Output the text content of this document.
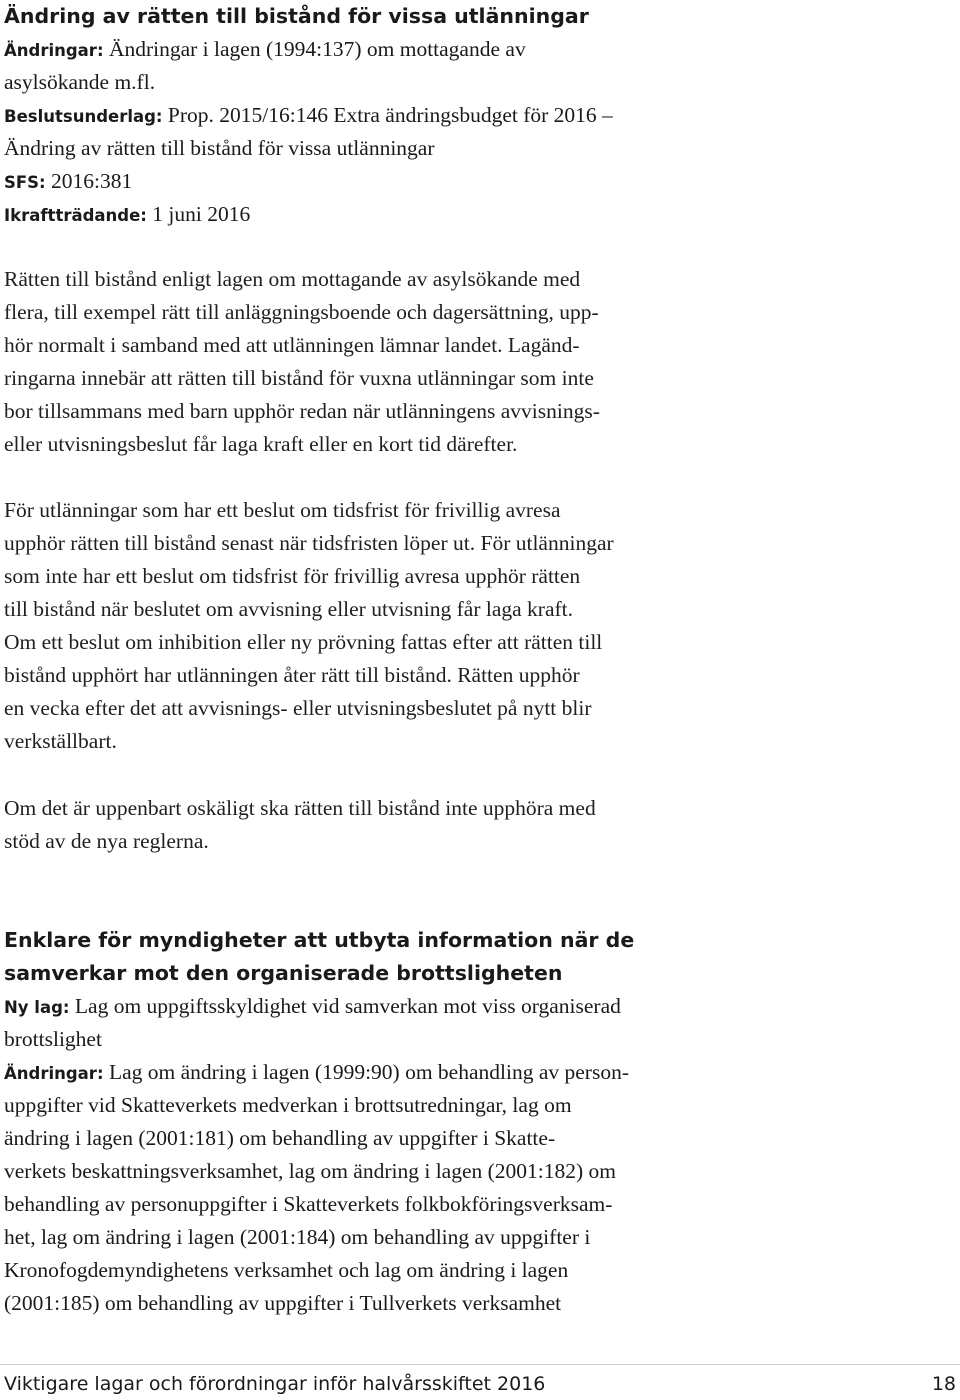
Ändring av rätten till bistånd för vissa utlänningar
Ändringar: Ändringar i lagen (1994:137) om mottagande av
asylsökande m.fl.
Beslutsunderlag: Prop. 2015/16:146 Extra ändringsbudget för 2016 –
Ändring av rätten till bistånd för vissa utlänningar
SFS: 2016:381
Ikraftträdande: 1 juni 2016
Rätten till bistånd enligt lagen om mottagande av asylsökande med
flera, till exempel rätt till anläggningsboende och dagersättning, upp-
hör normalt i samband med att utlänningen lämnar landet. Lagänd-
ringarna innebär att rätten till bistånd för vuxna utlänningar som inte
bor tillsammans med barn upphör redan när utlänningens avvisnings-
eller utvisningsbeslut får laga kraft eller en kort tid därefter.
För utlänningar som har ett beslut om tidsfrist för frivillig avresa
upphör rätten till bistånd senast när tidsfristen löper ut. För utlänningar
som inte har ett beslut om tidsfrist för frivillig avresa upphör rätten
till bistånd när beslutet om avvisning eller utvisning får laga kraft.
Om ett beslut om inhibition eller ny prövning fattas efter att rätten till
bistånd upphört har utlänningen åter rätt till bistånd. Rätten upphör
en vecka efter det att avvisnings- eller utvisningsbeslutet på nytt blir
verkställbart.
Om det är uppenbart oskäligt ska rätten till bistånd inte upphöra med
stöd av de nya reglerna.
Enklare för myndigheter att utbyta information när de
samverkar mot den organiserade brottsligheten
Ny lag: Lag om uppgiftsskyldighet vid samverkan mot viss organiserad
brottslighet
Ändringar: Lag om ändring i lagen (1999:90) om behandling av person-
uppgifter vid Skatteverkets medverkan i brottsutredningar, lag om
ändring i lagen (2001:181) om behandling av uppgifter i Skatte-
verkets beskattningsverksamhet, lag om ändring i lagen (2001:182) om
behandling av personuppgifter i Skatteverkets folkbokföringsverksam-
het, lag om ändring i lagen (2001:184) om behandling av uppgifter i
Kronofogdemyndighetens verksamhet och lag om ändring i lagen
(2001:185) om behandling av uppgifter i Tullverkets verksamhet
Viktigare lagar och förordningar inför halvårsskiftet 2016	18
